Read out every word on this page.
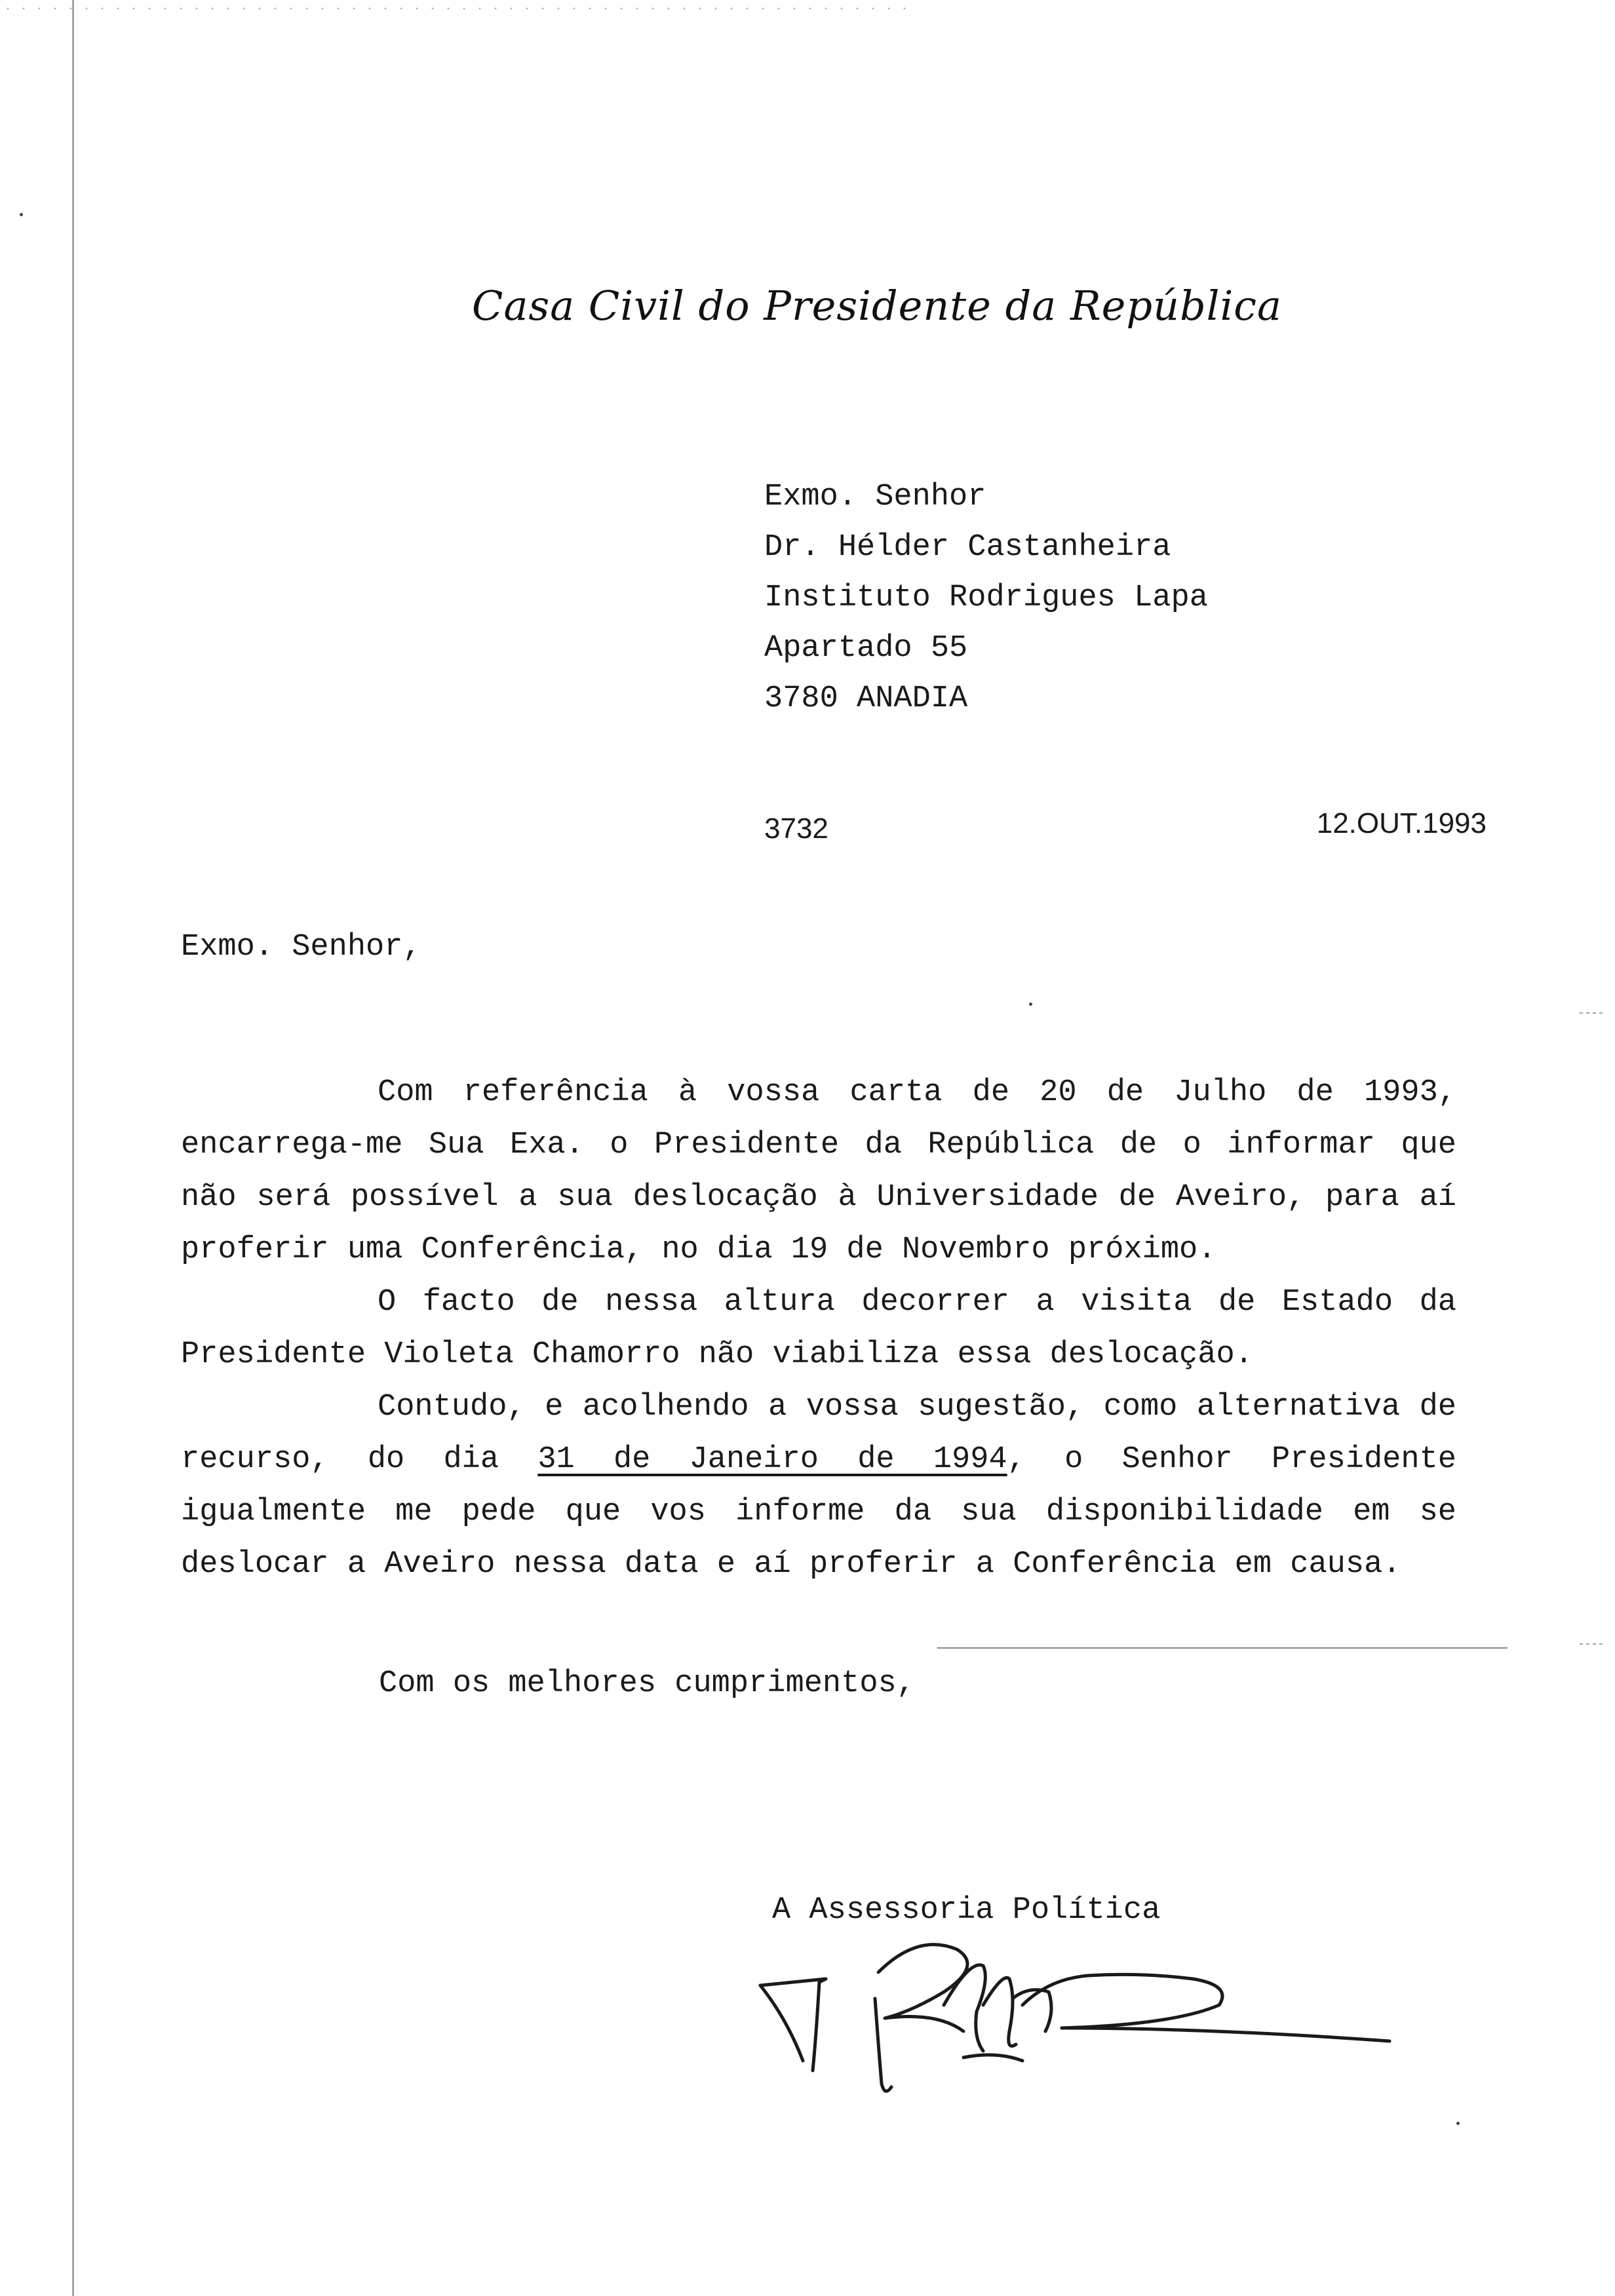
Casa Civil do Presidente da República
Exmo. Senhor
Dr. Hélder Castanheira
Instituto Rodrigues Lapa
Apartado 55
3780 ANADIA
3732	12.OUT.1993
Exmo. Senhor,

Com referência à vossa carta de 20 de Julho de 1993, encarrega-me Sua Exa. o Presidente da República de o informar que não será possível a sua deslocação à Universidade de Aveiro, para aí proferir uma Conferência, no dia 19 de Novembro próximo.

O facto de nessa altura decorrer a visita de Estado da Presidente Violeta Chamorro não viabiliza essa deslocação.

Contudo, e acolhendo a vossa sugestão, como alternativa de recurso, do dia 31 de Janeiro de 1994, o Senhor Presidente igualmente me pede que vos informe da sua disponibilidade em se deslocar a Aveiro nessa data e aí proferir a Conferência em causa.

Com os melhores cumprimentos,
A Assessoria Política
